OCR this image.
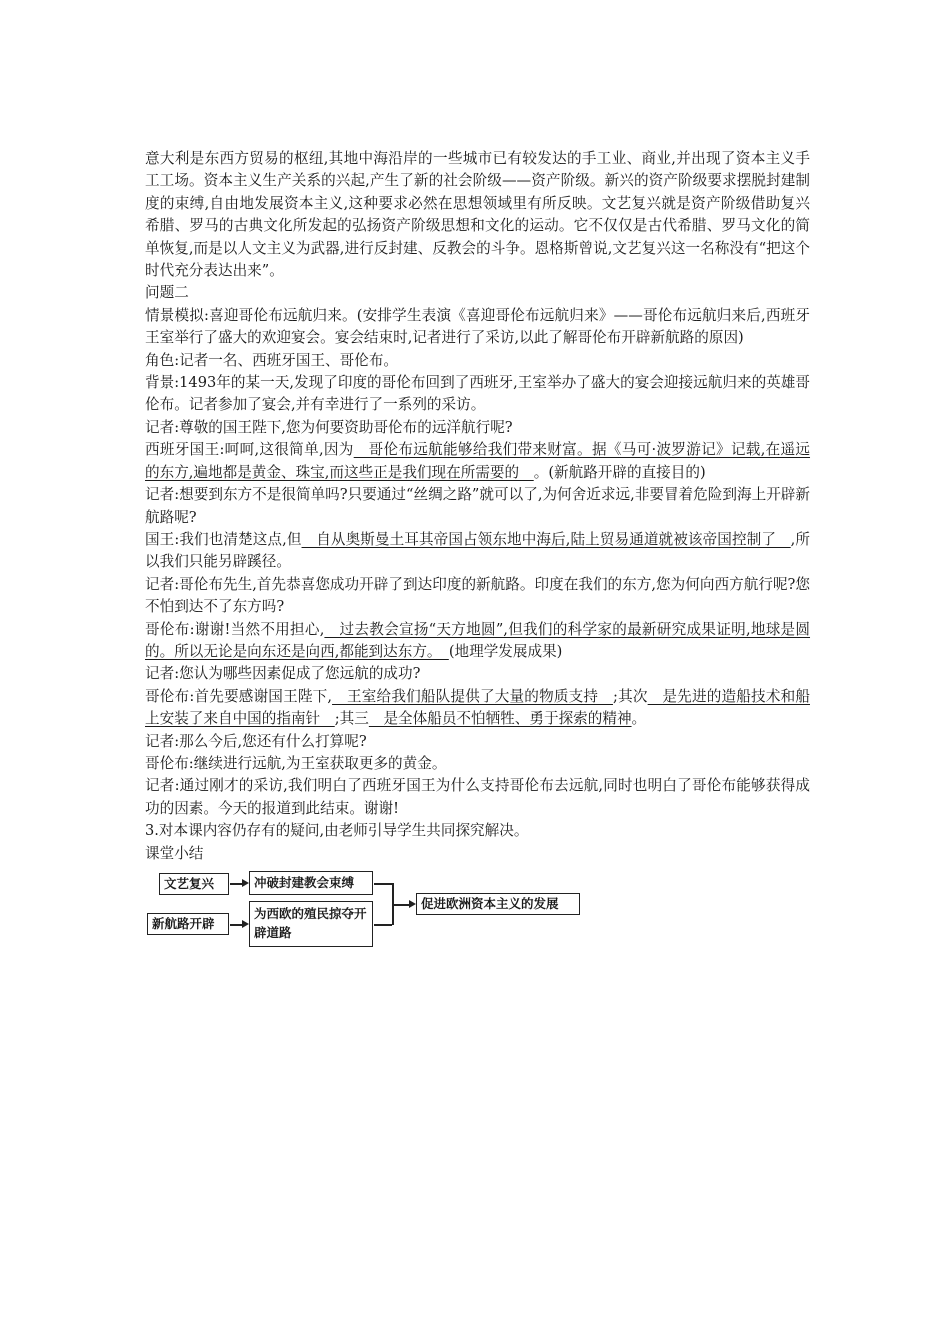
意大利是东西方贸易的枢纽,其地中海沿岸的一些城市已有较发达的手工业、商业,并出现了资本主义手工工场。资本主义生产关系的兴起,产生了新的社会阶级——资产阶级。新兴的资产阶级要求摆脱封建制度的束缚,自由地发展资本主义,这种要求必然在思想领域里有所反映。文艺复兴就是资产阶级借助复兴希腊、罗马的古典文化所发起的弘扬资产阶级思想和文化的运动。它不仅仅是古代希腊、罗马文化的简单恢复,而是以人文主义为武器,进行反封建、反教会的斗争。恩格斯曾说,文艺复兴这一名称没有“把这个时代充分表达出来”。

问题二

情景模拟:喜迎哥伦布远航归来。(安排学生表演《喜迎哥伦布远航归来》——哥伦布远航归来后,西班牙王室举行了盛大的欢迎宴会。宴会结束时,记者进行了采访,以此了解哥伦布开辟新航路的原因)

角色:记者一名、西班牙国王、哥伦布。

背景:1493年的某一天,发现了印度的哥伦布回到了西班牙,王室举办了盛大的宴会迎接远航归来的英雄哥伦布。记者参加了宴会,并有幸进行了一系列的采访。

记者:尊敬的国王陛下,您为何要资助哥伦布的远洋航行呢?

西班牙国王:呵呵,这很简单,因为　哥伦布远航能够给我们带来财富。据《马可·波罗游记》记载,在遥远的东方,遍地都是黄金、珠宝,而这些正是我们现在所需要的　。(新航路开辟的直接目的)

记者:想要到东方不是很简单吗?只要通过“丝绸之路”就可以了,为何舍近求远,非要冒着危险到海上开辟新航路呢?

国王:我们也清楚这点,但　自从奥斯曼土耳其帝国占领东地中海后,陆上贸易通道就被该帝国控制了　,所以我们只能另辟蹊径。

记者:哥伦布先生,首先恭喜您成功开辟了到达印度的新航路。印度在我们的东方,您为何向西方航行呢?您不怕到达不了东方吗?

哥伦布:谢谢!当然不用担心,　过去教会宣扬“天方地圆”,但我们的科学家的最新研究成果证明,地球是圆的。所以无论是向东还是向西,都能到达东方。　(地理学发展成果)

记者:您认为哪些因素促成了您远航的成功?

哥伦布:首先要感谢国王陛下,　王室给我们船队提供了大量的物质支持　;其次　是先进的造船技术和船上安装了来自中国的指南针　;其三　是全体船员不怕牺牲、勇于探索的精神。

记者:那么今后,您还有什么打算呢?

哥伦布:继续进行远航,为王室获取更多的黄金。

记者:通过刚才的采访,我们明白了西班牙国王为什么支持哥伦布去远航,同时也明白了哥伦布能够获得成功的因素。今天的报道到此结束。谢谢!

3.对本课内容仍存有的疑问,由老师引导学生共同探究解决。

课堂小结

文艺复兴	冲破封建教会束缚
新航路开辟
为西欧的殖民掠夺开辟道路
促进欧洲资本主义的发展
